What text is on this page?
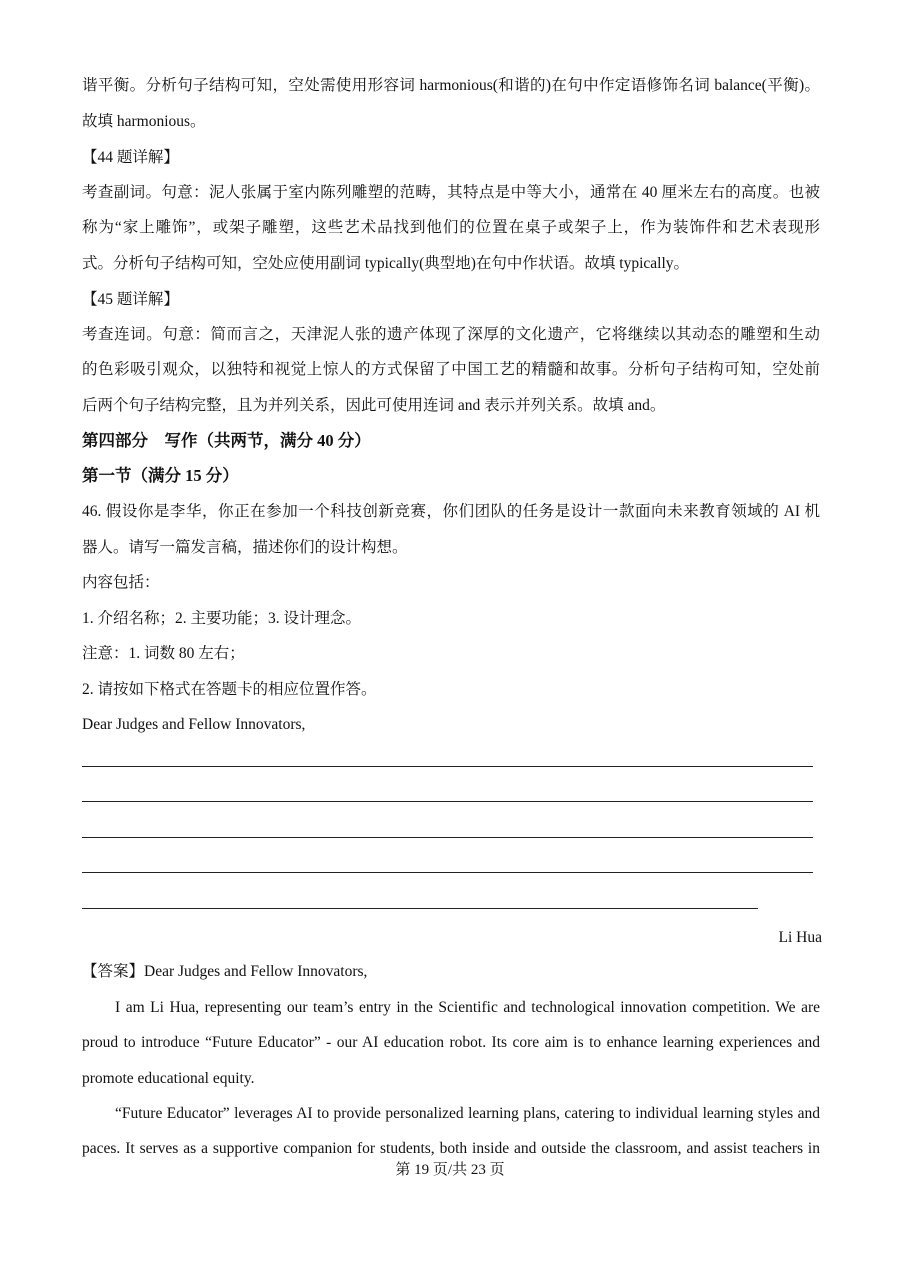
谐平衡。分析句子结构可知，空处需使用形容词 harmonious(和谐的)在句中作定语修饰名词 balance(平衡)。
故填 harmonious。
【44 题详解】
考查副词。句意：泥人张属于室内陈列雕塑的范畴，其特点是中等大小，通常在 40 厘米左右的高度。也被
称为“家上雕饰”，或架子雕塑，这些艺术品找到他们的位置在桌子或架子上，作为装饰件和艺术表现形
式。分析句子结构可知，空处应使用副词 typically(典型地)在句中作状语。故填 typically。
【45 题详解】
考查连词。句意：简而言之，天津泥人张的遗产体现了深厚的文化遗产，它将继续以其动态的雕塑和生动
的色彩吸引观众，以独特和视觉上惊人的方式保留了中国工艺的精髓和故事。分析句子结构可知，空处前
后两个句子结构完整，且为并列关系，因此可使用连词 and 表示并列关系。故填 and。
第四部分　写作（共两节，满分 40 分）
第一节（满分 15 分）
46. 假设你是李华，你正在参加一个科技创新竞赛，你们团队的任务是设计一款面向未来教育领域的 AI 机
器人。请写一篇发言稿，描述你们的设计构想。
内容包括：
1. 介绍名称；2. 主要功能；3. 设计理念。
注意：1. 词数 80 左右；
2. 请按如下格式在答题卡的相应位置作答。
Dear Judges and Fellow Innovators,
Li Hua
【答案】Dear Judges and Fellow Innovators,
I am Li Hua, representing our team’s entry in the Scientific and technological innovation competition. We are
proud to introduce “Future Educator” - our AI education robot. Its core aim is to enhance learning experiences and
promote educational equity.
“Future Educator” leverages AI to provide personalized learning plans, catering to individual learning styles and
paces. It serves as a supportive companion for students, both inside and outside the classroom, and assist teachers in
第 19 页/共 23 页
